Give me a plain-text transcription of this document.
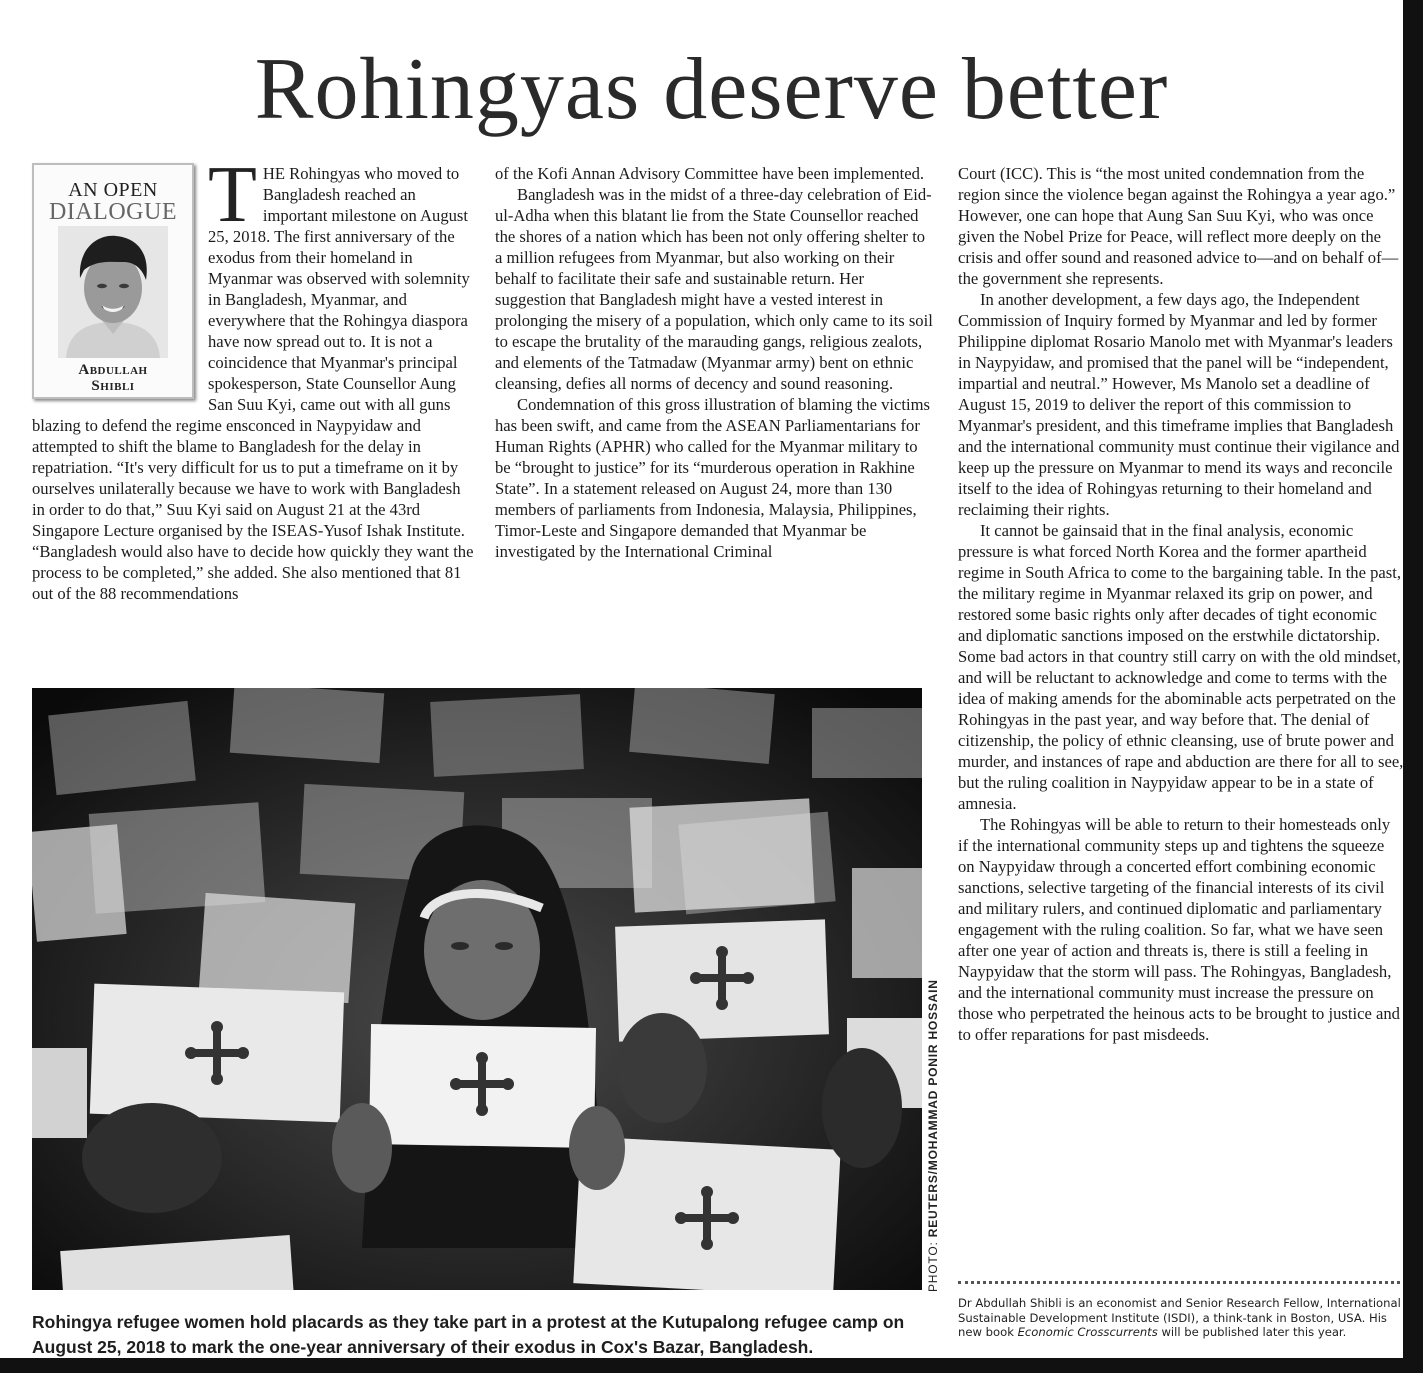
Rohingyas deserve better
AN OPEN
DIALOGUE
Abdullah
Shibli

THE Rohingyas who moved to Bangladesh reached an important milestone on August 25, 2018. The first anniversary of the exodus from their homeland in Myanmar was observed with solemnity in Bangladesh, Myanmar, and everywhere that the Rohingya diaspora have now spread out to. It is not a coincidence that Myanmar's principal spokesperson, State Counsellor Aung San Suu Kyi, came out with all guns blazing to defend the regime ensconced in Naypyidaw and attempted to shift the blame to Bangladesh for the delay in repatriation. “It's very difficult for us to put a timeframe on it by ourselves unilaterally because we have to work with Bangladesh in order to do that,” Suu Kyi said on August 21 at the 43rd Singapore Lecture organised by the ISEAS-Yusof Ishak Institute. “Bangladesh would also have to decide how quickly they want the process to be completed,” she added. She also mentioned that 81 out of the 88 recommendations

of the Kofi Annan Advisory Committee have been implemented.

Bangladesh was in the midst of a three-day celebration of Eid-ul-Adha when this blatant lie from the State Counsellor reached the shores of a nation which has been not only offering shelter to a million refugees from Myanmar, but also working on their behalf to facilitate their safe and sustainable return. Her suggestion that Bangladesh might have a vested interest in prolonging the misery of a population, which only came to its soil to escape the brutality of the marauding gangs, religious zealots, and elements of the Tatmadaw (Myanmar army) bent on ethnic cleansing, defies all norms of decency and sound reasoning.

Condemnation of this gross illustration of blaming the victims has been swift, and came from the ASEAN Parliamentarians for Human Rights (APHR) who called for the Myanmar military to be “brought to justice” for its “murderous operation in Rakhine State”. In a statement released on August 24, more than 130 members of parliaments from Indonesia, Malaysia, Philippines, Timor-Leste and Singapore demanded that Myanmar be investigated by the International Criminal

Court (ICC). This is “the most united condemnation from the region since the violence began against the Rohingya a year ago.” However, one can hope that Aung San Suu Kyi, who was once given the Nobel Prize for Peace, will reflect more deeply on the crisis and offer sound and reasoned advice to—and on behalf of—the government she represents.

In another development, a few days ago, the Independent Commission of Inquiry formed by Myanmar and led by former Philippine diplomat Rosario Manolo met with Myanmar's leaders in Naypyidaw, and promised that the panel will be “independent, impartial and neutral.” However, Ms Manolo set a deadline of August 15, 2019 to deliver the report of this commission to Myanmar's president, and this timeframe implies that Bangladesh and the international community must continue their vigilance and keep up the pressure on Myanmar to mend its ways and reconcile itself to the idea of Rohingyas returning to their homeland and reclaiming their rights.

It cannot be gainsaid that in the final analysis, economic pressure is what forced North Korea and the former apartheid regime in South Africa to come to the bargaining table. In the past, the military regime in Myanmar relaxed its grip on power, and restored some basic rights only after decades of tight economic and diplomatic sanctions imposed on the erstwhile dictatorship. Some bad actors in that country still carry on with the old mindset, and will be reluctant to acknowledge and come to terms with the idea of making amends for the abominable acts perpetrated on the Rohingyas in the past year, and way before that. The denial of citizenship, the policy of ethnic cleansing, use of brute power and murder, and instances of rape and abduction are there for all to see, but the ruling coalition in Naypyidaw appear to be in a state of amnesia.

The Rohingyas will be able to return to their homesteads only if the international community steps up and tightens the squeeze on Naypyidaw through a concerted effort combining economic sanctions, selective targeting of the financial interests of its civil and military rulers, and continued diplomatic and parliamentary engagement with the ruling coalition. So far, what we have seen after one year of action and threats is, there is still a feeling in Naypyidaw that the storm will pass. The Rohingyas, Bangladesh, and the international community must increase the pressure on those who perpetrated the heinous acts to be brought to justice and to offer reparations for past misdeeds.

PHOTO: REUTERS/MOHAMMAD PONIR HOSSAIN
Rohingya refugee women hold placards as they take part in a protest at the Kutupalong refugee camp on August 25, 2018 to mark the one-year anniversary of their exodus in Cox's Bazar, Bangladesh.
Dr Abdullah Shibli is an economist and Senior Research Fellow, International Sustainable Development Institute (ISDI), a think-tank in Boston, USA. His new book Economic Crosscurrents will be published later this year.
